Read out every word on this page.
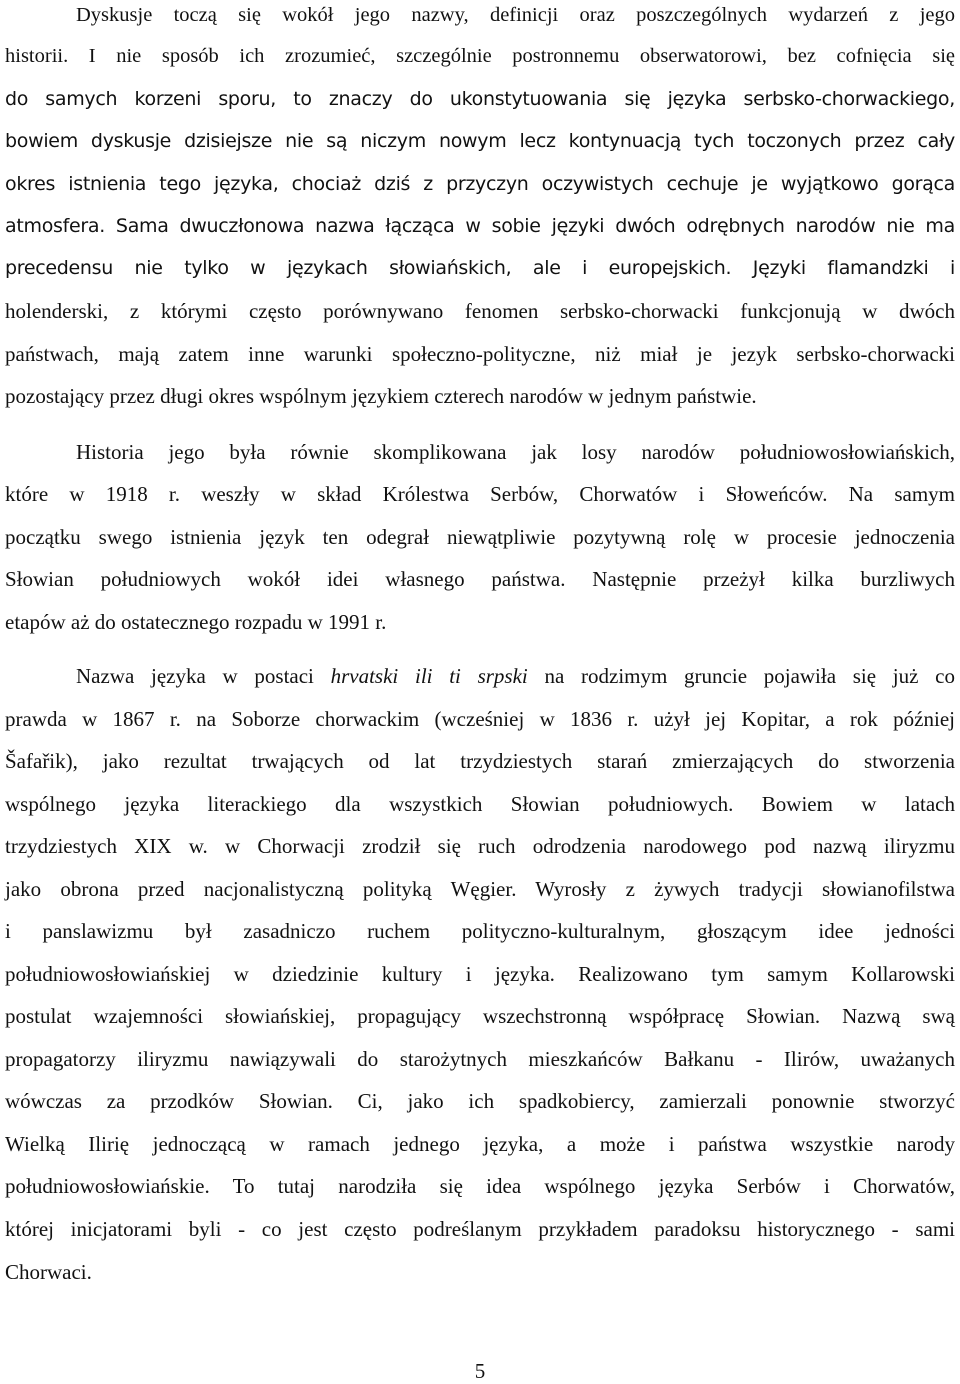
Dyskusje toczą się wokół jego nazwy, definicji oraz poszczególnych wydarzeń z jego
historii. I nie sposób ich zrozumieć, szczególnie postronnemu obserwatorowi, bez cofnięcia się
do samych korzeni sporu, to znaczy do ukonstytuowania się języka serbsko-chorwackiego,
bowiem dyskusje dzisiejsze nie są niczym nowym lecz kontynuacją tych toczonych przez cały
okres istnienia tego języka, chociaż dziś z przyczyn oczywistych cechuje je wyjątkowo gorąca
atmosfera. Sama dwuczłonowa nazwa łącząca w sobie języki dwóch odrębnych narodów nie ma
precedensu nie tylko w językach słowiańskich, ale i europejskich. Języki flamandzki i
holenderski, z którymi często porównywano fenomen serbsko-chorwacki funkcjonują w dwóch
państwach, mają zatem inne warunki społeczno-polityczne, niż miał je jezyk serbsko-chorwacki
pozostający przez długi okres wspólnym językiem czterech narodów w jednym państwie.
Historia jego była równie skomplikowana jak losy narodów południowosłowiańskich,
które w 1918 r. weszły w skład Królestwa Serbów, Chorwatów i Słoweńców. Na samym
początku swego istnienia język ten odegrał niewątpliwie pozytywną rolę w procesie jednoczenia
Słowian południowych wokół idei własnego państwa. Następnie przeżył kilka burzliwych
etapów aż do ostatecznego rozpadu w 1991 r.
Nazwa języka w postaci hrvatski ili ti srpski na rodzimym gruncie pojawiła się już co
prawda w 1867 r. na Soborze chorwackim (wcześniej w 1836 r. użył jej Kopitar, a rok później
Šafařik), jako rezultat trwających od lat trzydziestych starań zmierzających do stworzenia
wspólnego języka literackiego dla wszystkich Słowian południowych. Bowiem w latach
trzydziestych XIX w. w Chorwacji zrodził się ruch odrodzenia narodowego pod nazwą iliryzmu
jako obrona przed nacjonalistyczną polityką Węgier. Wyrosły z żywych tradycji słowianofilstwa
i panslawizmu był zasadniczo ruchem polityczno-kulturalnym, głoszącym idee jedności
południowosłowiańskiej w dziedzinie kultury i języka. Realizowano tym samym Kollarowski
postulat wzajemności słowiańskiej, propagujący wszechstronną współpracę Słowian. Nazwą swą
propagatorzy iliryzmu nawiązywali do starożytnych mieszkańców Bałkanu - Ilirów, uważanych
wówczas za przodków Słowian. Ci, jako ich spadkobiercy, zamierzali ponownie stworzyć
Wielką Ilirię jednoczącą w ramach jednego języka, a może i państwa wszystkie narody
południowosłowiańskie. To tutaj narodziła się idea wspólnego języka Serbów i Chorwatów,
której inicjatorami byli - co jest często podreślanym przykładem paradoksu historycznego - sami
Chorwaci.
5
